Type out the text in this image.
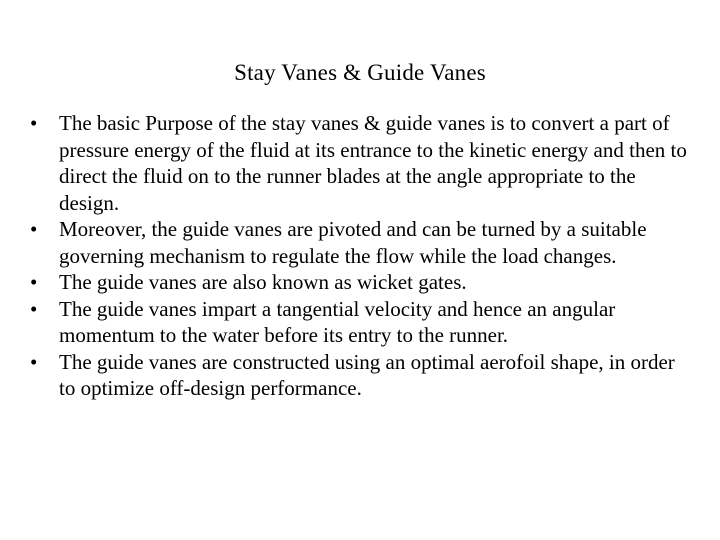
Stay Vanes & Guide Vanes
•	The basic Purpose of the stay vanes & guide vanes is to convert a part of pressure energy of the fluid at its entrance to the kinetic energy and then to direct the fluid on to the runner blades at the angle appropriate to the design.
•	Moreover, the guide vanes are pivoted and can be turned by a suitable governing mechanism to regulate the flow while the load changes.
•	The guide vanes are also known as wicket gates.
•	The guide vanes impart a tangential velocity and hence an angular momentum to the water before its entry to the runner.
•	The guide vanes are constructed using an optimal aerofoil shape, in order to optimize off-design performance.
